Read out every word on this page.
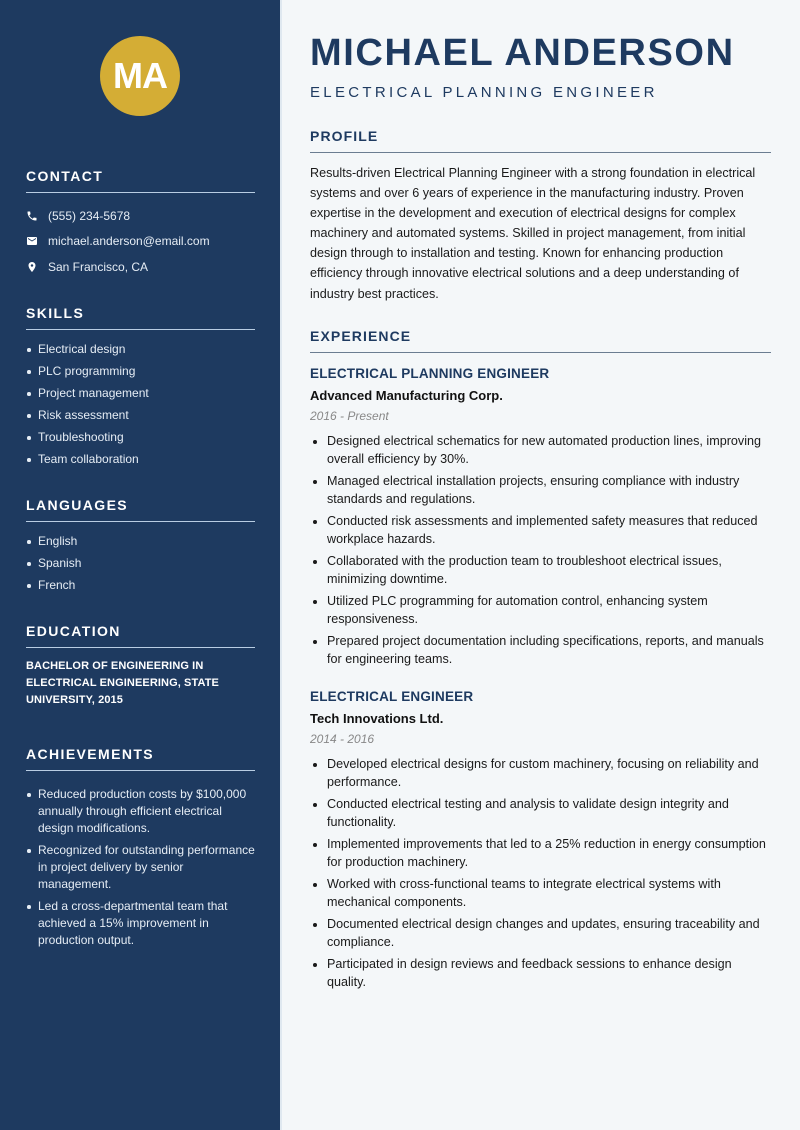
MA
CONTACT
(555) 234-5678
michael.anderson@email.com
San Francisco, CA
SKILLS
Electrical design
PLC programming
Project management
Risk assessment
Troubleshooting
Team collaboration
LANGUAGES
English
Spanish
French
EDUCATION

BACHELOR OF ENGINEERING IN ELECTRICAL ENGINEERING, STATE UNIVERSITY, 2015

ACHIEVEMENTS
Reduced production costs by $100,000 annually through efficient electrical design modifications.
Recognized for outstanding performance in project delivery by senior management.
Led a cross-departmental team that achieved a 15% improvement in production output.
MICHAEL ANDERSON
ELECTRICAL PLANNING ENGINEER
PROFILE

Results-driven Electrical Planning Engineer with a strong foundation in electrical systems and over 6 years of experience in the manufacturing industry. Proven expertise in the development and execution of electrical designs for complex machinery and automated systems. Skilled in project management, from initial design through to installation and testing. Known for enhancing production efficiency through innovative electrical solutions and a deep understanding of industry best practices.

EXPERIENCE
ELECTRICAL PLANNING ENGINEER
Advanced Manufacturing Corp.
2016 - Present
Designed electrical schematics for new automated production lines, improving overall efficiency by 30%.
Managed electrical installation projects, ensuring compliance with industry standards and regulations.
Conducted risk assessments and implemented safety measures that reduced workplace hazards.
Collaborated with the production team to troubleshoot electrical issues, minimizing downtime.
Utilized PLC programming for automation control, enhancing system responsiveness.
Prepared project documentation including specifications, reports, and manuals for engineering teams.
ELECTRICAL ENGINEER
Tech Innovations Ltd.
2014 - 2016
Developed electrical designs for custom machinery, focusing on reliability and performance.
Conducted electrical testing and analysis to validate design integrity and functionality.
Implemented improvements that led to a 25% reduction in energy consumption for production machinery.
Worked with cross-functional teams to integrate electrical systems with mechanical components.
Documented electrical design changes and updates, ensuring traceability and compliance.
Participated in design reviews and feedback sessions to enhance design quality.
